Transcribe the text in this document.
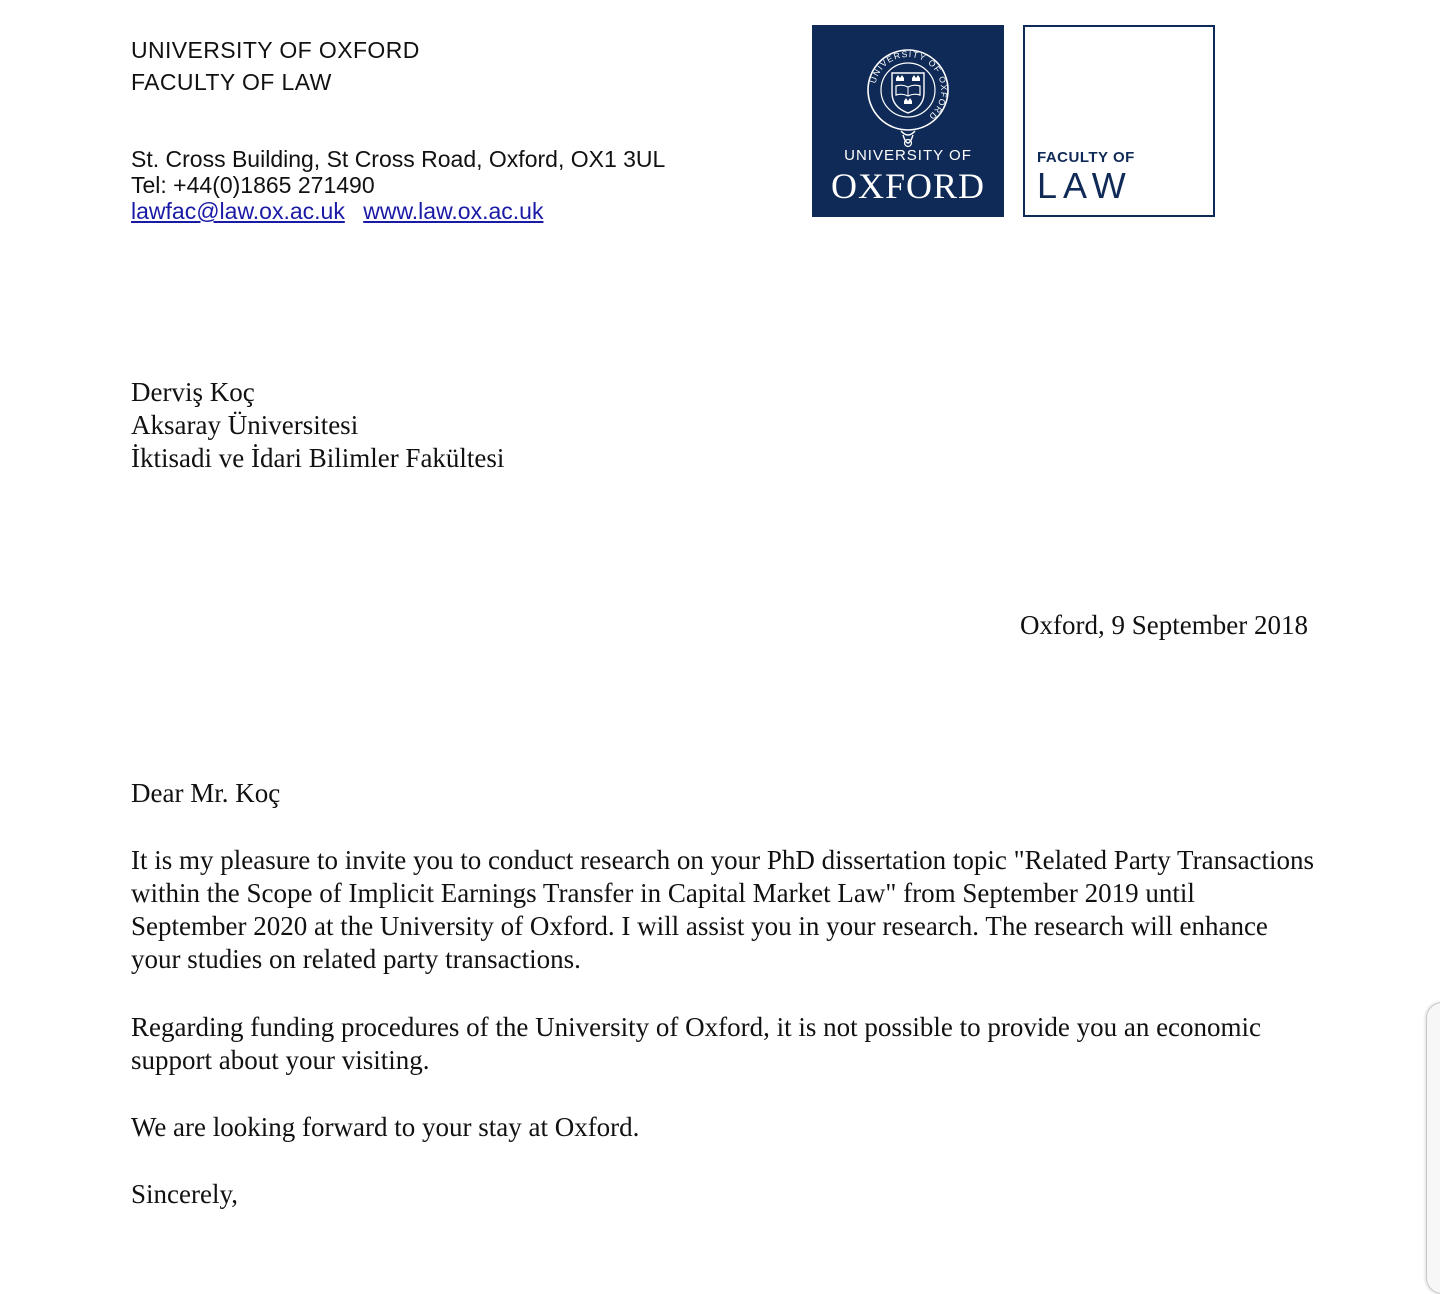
UNIVERSITY OF OXFORD
FACULTY OF LAW
St. Cross Building, St Cross Road, Oxford, OX1 3UL
Tel: +44(0)1865 271490
lawfac@law.ox.ac.uk www.law.ox.ac.uk
UNIVERSITY OF OXFORD
UNIVERSITY OF
OXFORD
FACULTY OF
LAW
Derviş Koç
Aksaray Üniversitesi
İktisadi ve İdari Bilimler Fakültesi
Oxford, 9 September 2018
Dear Mr. Koç
It is my pleasure to invite you to conduct research on your PhD dissertation topic "Related Party Transactions within the Scope of Implicit Earnings Transfer in Capital Market Law" from September 2019 until September 2020 at the University of Oxford. I will assist you in your research. The research will enhance your studies on related party transactions.
Regarding funding procedures of the University of Oxford, it is not possible to provide you an economic support about your visiting.
We are looking forward to your stay at Oxford.
Sincerely,
